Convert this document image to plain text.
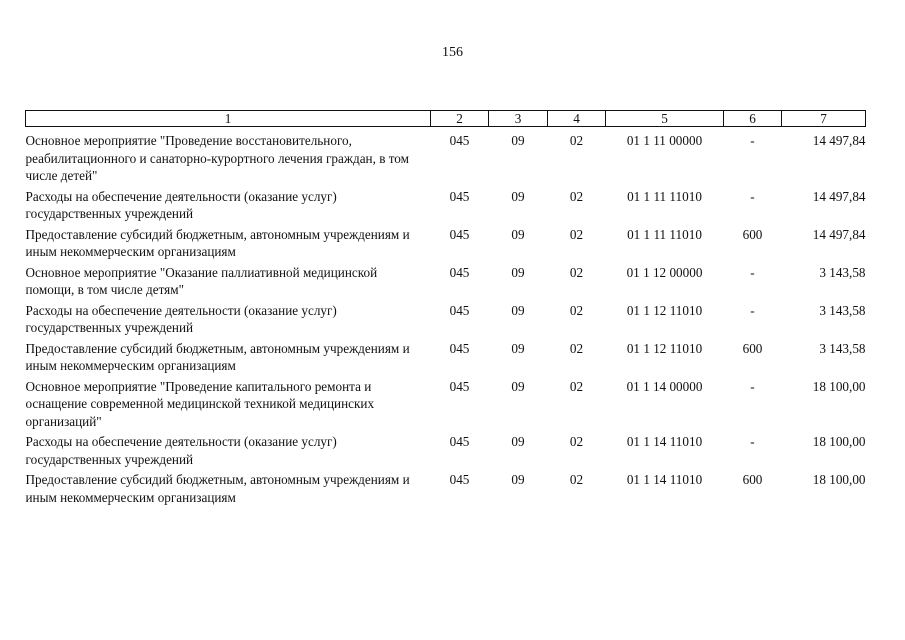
156
1	2	3	4	5	6	7
Основное мероприятие "Проведение восстановительного, реабилитационного и санаторно-курортного лечения граждан, в том числе детей"	045	09	02	01 1 11 00000	-	14 497,84
Расходы на обеспечение деятельности (оказание услуг) государственных учреждений	045	09	02	01 1 11 11010	-	14 497,84
Предоставление субсидий бюджетным, автономным учреждениям и иным некоммерческим организациям	045	09	02	01 1 11 11010	600	14 497,84
Основное мероприятие "Оказание паллиативной медицинской помощи, в том числе детям"	045	09	02	01 1 12 00000	-	3 143,58
Расходы на обеспечение деятельности (оказание услуг) государственных учреждений	045	09	02	01 1 12 11010	-	3 143,58
Предоставление субсидий бюджетным, автономным учреждениям и иным некоммерческим организациям	045	09	02	01 1 12 11010	600	3 143,58
Основное мероприятие "Проведение капитального ремонта и оснащение современной медицинской техникой медицинских организаций"	045	09	02	01 1 14 00000	-	18 100,00
Расходы на обеспечение деятельности (оказание услуг) государственных учреждений	045	09	02	01 1 14 11010	-	18 100,00
Предоставление субсидий бюджетным, автономным учреждениям и иным некоммерческим организациям	045	09	02	01 1 14 11010	600	18 100,00
